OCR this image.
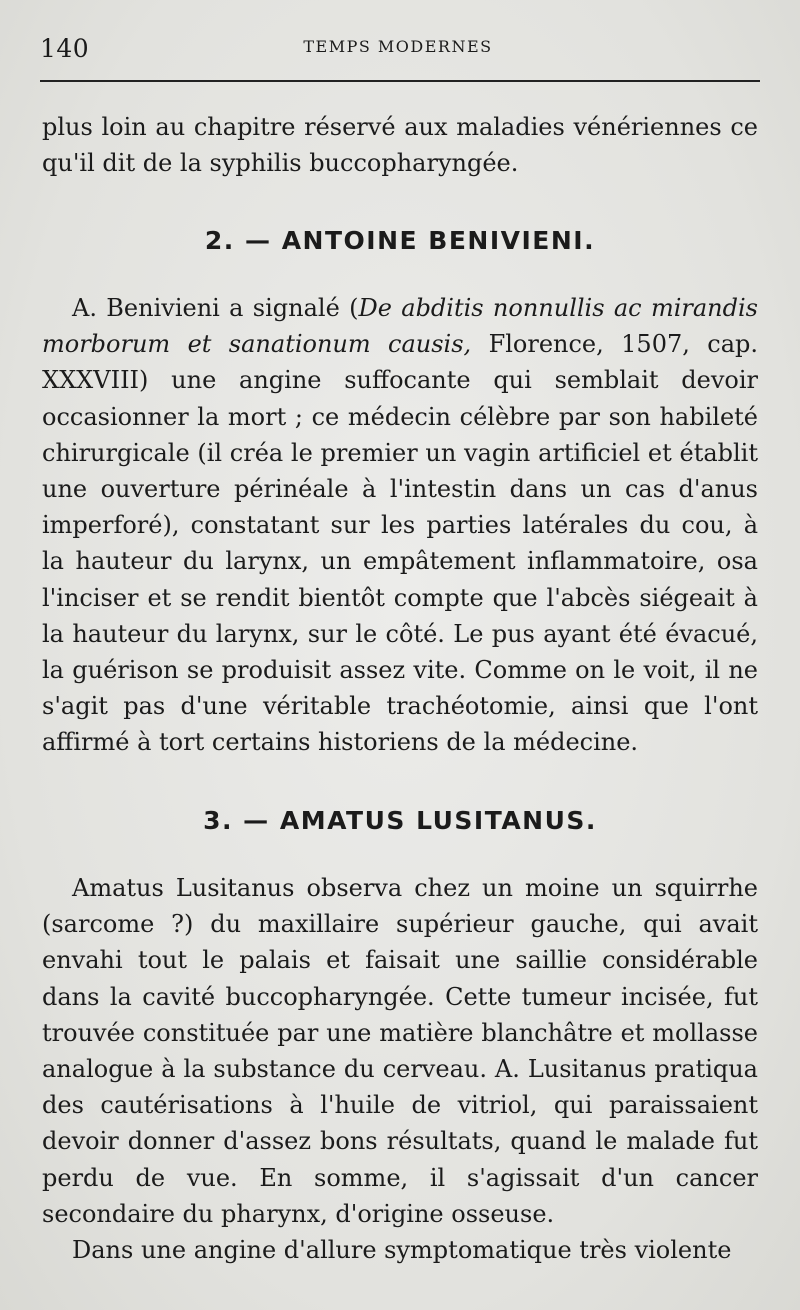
140	TEMPS MODERNES

plus loin au chapitre réservé aux maladies vénériennes ce qu'il dit de la syphilis buccopharyngée.

2. — ANTOINE BENIVIENI.

A. Benivieni a signalé (De abditis nonnullis ac mirandis morborum et sanationum causis, Florence, 1507, cap. XXXVIII) une angine suffocante qui semblait devoir occasionner la mort ; ce médecin célèbre par son habileté chirurgicale (il créa le premier un vagin artificiel et établit une ouverture périnéale à l'intestin dans un cas d'anus imperforé), constatant sur les parties latérales du cou, à la hauteur du larynx, un empâtement inflammatoire, osa l'inciser et se rendit bientôt compte que l'abcès siégeait à la hauteur du larynx, sur le côté. Le pus ayant été évacué, la guérison se produisit assez vite. Comme on le voit, il ne s'agit pas d'une véritable trachéotomie, ainsi que l'ont affirmé à tort certains historiens de la médecine.

3. — AMATUS LUSITANUS.

Amatus Lusitanus observa chez un moine un squirrhe (sarcome ?) du maxillaire supérieur gauche, qui avait envahi tout le palais et faisait une saillie considérable dans la cavité buccopharyngée. Cette tumeur incisée, fut trouvée constituée par une matière blanchâtre et mollasse analogue à la substance du cerveau. A. Lusitanus pratiqua des cautérisations à l'huile de vitriol, qui paraissaient devoir donner d'assez bons résultats, quand le malade fut perdu de vue. En somme, il s'agissait d'un cancer secondaire du pharynx, d'origine osseuse.

Dans une angine d'allure symptomatique très violente
